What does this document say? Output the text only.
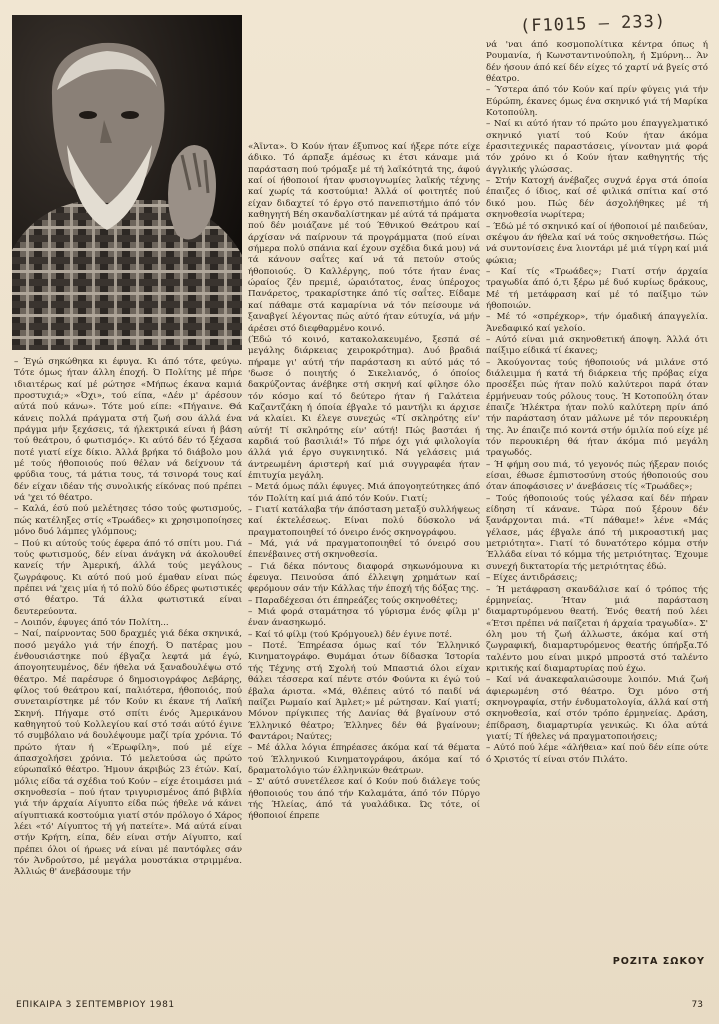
(F1015 – 233)

– Έγώ σηκώθηκα κι έφυγα. Κι άπό τότε, φεύγω. Τότε όμως ήταν άλλη έποχή. Ό Πολίτης μέ πήρε ιδιαιτέρως καί μέ ρώτησε «Μήπως έκανα καμιά προστυχιά;» «Όχι», τού είπα, «Δέν μ' άρέσουν αύτά πού κάνω». Τότε μού είπε: «Πήγαινε. Θά κάνεις πολλά πράγματα στή ζωή σου άλλά ένα πράγμα μήν ξεχάσεις, τά ήλεκτρικά είναι ή βάση τού θεάτρου, ό φωτισμός». Κι αύτό δέν τό ξέχασα ποτέ γιατί είχε δίκιο. Άλλά βρήκα τό διάβολο μου μέ τούς ήθοποιούς πού θέλαν νά δείχνουν τά φρύδια τους, τά μάτια τους, τά τσινορά τους καί δέν είχαν ιδέαν τής συνολικής είκόνας πού πρέπει νά 'χει τό θέατρο.

– Καλά, έσύ πού μελέτησες τόσο τούς φωτισμούς, πώς κατέληξες στίς «Τρωάδες» κι χρησιμοποίησες μόνο δυό λάμπες γλόμπους;

– Πού κι αύτούς τούς έφερα άπό τό σπίτι μου. Γιά τούς φωτισμούς, δέν είναι άνάγκη νά άκολουθεί κανείς τήν Άμερική, άλλά τούς μεγάλους ζωγράφους. Κι αύτό πού μού έμαθαν είναι πώς πρέπει νά 'χεις μία ή τό πολύ δύο έδρες φωτιστικές στό θέατρο. Τά άλλα φωτιστικά είναι δευτερεύοντα.

– Λοιπόν, έφυγες άπό τόν Πολίτη...

– Ναί, παίρνοντας 500 δραχμές γιά δέκα σκηνικά, ποσό μεγάλο γιά τήν έποχή. Ό πατέρας μου ένθουσιάστηκε πού έβγαζα λεφτά μά έγώ, άπογοητευμένος, δέν ήθελα νά ξαναδουλέψω στό θέατρο. Μέ παρέσυρε ό δημοσιογράφος Δεβάρης, φίλος τού θεάτρου καί, παλιότερα, ήθοποιός, πού συνεταιρίστηκε μέ τόν Κούν κι έκανε τή Λαϊκή Σκηνή. Πήγαμε στό σπίτι ένός Άμερικάνου καθηγητού τού Κολλεγίου καί στό τσάι αύτό έγινε τό συμβόλαιο νά δουλέψουμε μαζί τρία χρόνια. Τό πρώτο ήταν ή «Έρωφίλη», πού μέ είχε άπασχολήσει χρόνια. Τό μελετούσα ώς πρώτο εύρωπαϊκό θέατρο. Ήμουν άκριβώς 23 έτών. Καί, μόλις είδα τά σχέδια τού Κούν – είχε έτοιμάσει μιά σκηνοθεσία – πού ήταν τριγυρισμένος άπό βιβλία γιά τήν άρχαία Αίγυπτο είδα πώς ήθελε νά κάνει αίγυπτιακά κοστούμια γιατί στόν πρόλογο ό Χάρος λέει «τό' Αίγυπτος τή γή πατείτε». Μά αύτά είναι στήν Κρήτη, είπα, δέν είναι στήν Αίγυπτο, καί πρέπει όλοι οί ήρωες νά είναι μέ παντόφλες σάν τόν Άνδρούτσο, μέ μεγάλα μουστάκια στριμμένα. Άλλιώς θ' άνεβάσουμε τήν

«Άϊντα». Ό Κούν ήταν έξυπνος καί ήξερε πότε είχε άδικο. Τό άρπαξε άμέσως κι έτσι κάναμε μιά παράσταση πού τρόμαξε μέ τή λαϊκότητά της, άφού καί οί ήθοποιοί ήταν φυσιογνωμίες λαϊκής τέχνης καί χωρίς τά κοστούμια! Άλλά οί φοιτητές πού είχαν διδαχτεί τό έργο στό πανεπιστήμιο άπό τόν καθηγητή Βέη σκανδαλίστηκαν μέ αύτά τά πράματα πού δέν μοιάζανε μέ τού Έθνικού Θεάτρου καί άρχίσαν νά παίρνουν τά προγράμματα (πού είναι σήμερα πολύ σπάνια καί έχουν σχέδια δικά μου) νά τά κάνουν σαΐτες καί νά τά πετούν στούς ήθοποιούς. Ό Καλλέργης, πού τότε ήταν ένας ώραίος ζέν πρεμιέ, ώραιότατος, ένας ύπέροχος Πανάρετος, τρακαρίστηκε άπό τίς σαΐτες. Είδαμε καί πάθαμε στά καμαρίνια νά τόν πείσουμε νά ξαναβγεί λέγοντας πώς αύτό ήταν εύτυχία, νά μήν άρέσει στό διεφθαρμένο κοινό.

(Έδώ τό κοινό, κατακολακευμένο, ξεσπά σέ μεγάλης διάρκειας χειροκρότημα). Δυό βραδιά πήραμε γι' αύτή τήν παράσταση κι αύτό μάς τό 'δωσε ό ποιητής ό Σικελιανός, ό όποίος δακρύζοντας άνέβηκε στή σκηνή καί φίλησε όλο τόν κόσμο καί τό δεύτερο ήταν ή Γαλάτεια Καζαντζάκη ή όποία έβγαλε τό μαντήλι κι άρχισε νά κλαίει. Κι έλεγε συνεχώς «Τί σκληρότης είν' αύτή! Τί σκληρότης είν' αύτή! Πώς βαστάει ή καρδιά τού βασιλιά!» Τό πήρε όχι γιά φιλολογία άλλά γιά έργο συγκινητικό. Νά γελάσεις μιά άντρεωμένη άριστερή καί μιά συγγραφέα ήταν έπιτυχία μεγάλη.

– Μετά όμως πάλι έφυγες. Μιά άπογοητεύτηκες άπό τόν Πολίτη καί μιά άπό τόν Κούν. Γιατί;

– Γιατί κατάλαβα τήν άπόσταση μεταξύ συλλήψεως καί έκτελέσεως. Είναι πολύ δύσκολο νά πραγματοποιηθεί τό όνειρο ένός σκηνογράφου.

– Μά, γιά νά πραγματοποιηθεί τό όνειρό σου έπενέβαινες στή σκηνοθεσία.

– Γιά δέκα πόντους διαφορά σηκωνόμουνα κι έφευγα. Πεινούσα άπό έλλειψη χρημάτων καί φερόμουν σάν τήν Κάλλας τήν έποχή τής δόξας της.

– Παραδέχεσαι ότι έπηρεάζες τούς σκηνοθέτες;

– Μιά φορά σταμάτησα τό γύρισμα ένός φίλμ μ' έναν άνασηκωμό.

– Καί τό φίλμ (τού Κρόμγουελ) δέν έγινε ποτέ.

– Ποτέ. Έπηρέασα όμως καί τόν Έλληνικό Κινηματογράφο. Θυμάμαι ότων δίδασκα Ίστορία τής Τέχνης στή Σχολή τού Μπαστιά όλοι είχαν θάλει τέσσερα καί πέντε στόν Φούντα κι έγώ τού έβαλα άριστα. «Μά, θλέπεις αύτό τό παιδί νά παίζει Ρωμαίο καί Άμλετ;» μέ ρώτησαν. Καί γιατί; Μόνον πρίγκιπες τής Δανίας θά βγαίνουν στό Έλληνικό θέατρο; Έλληνες δέν θά βγαίνουν; Φαντάροι; Ναύτες;

– Μέ άλλα λόγια έπηρέασες άκόμα καί τά θέματα τού Έλληνικού Κινηματογράφου, άκόμα καί τό δραματολόγιο τών έλληνικών θεάτρων.

– Σ' αύτό συνετέλεσε καί ό Κούν πού διάλεγε τούς ήθοποιούς του άπό τήν Καλαμάτα, άπό τόν Πύργο τής Ήλείας, άπό τά γυαλάδικα. Ώς τότε, οί ήθοποιοί έπρεπε

νά 'ναι άπό κοσμοπολίτικα κέντρα όπως ή Ρουμανία, ή Κωνσταντινούπολη, ή Σμύρνη... Άν δέν ήσουν άπό κεί δέν είχες τό χαρτί νά βγείς στό θέατρο.

– Ύστερα άπό τόν Κούν καί πρίν φύγεις γιά τήν Εύρώπη, έκανες όμως ένα σκηνικό γιά τή Μαρίκα Κοτοπούλη.

– Ναί κι αύτό ήταν τό πρώτο μου έπαγγελματικό σκηνικό γιατί τού Κούν ήταν άκόμα έρασιτεχνικές παραστάσεις, γίνονταν μιά φορά τόν χρόνο κι ό Κούν ήταν καθηγητής τής άγγλικής γλώσσας.

– Στήν Κατοχή άνέβαζες συχνά έργα στά όποία έπαιζες ό ίδιος, καί σέ φιλικά σπίτια καί στό δικό μου. Πώς δέν άσχολήθηκες μέ τή σκηνοθεσία νωρίτερα;

– Έδώ μέ τό σκηνικό καί οί ήθοποιοί μέ παιδεύαν, σκέψου άν ήθελα καί νά τούς σκηνοθετήσω. Πώς νά συντονίσεις ένα λιοντάρι μέ μιά τίγρη καί μιά φώκια;

– Καί τίς «Τρωάδες»; Γιατί στήν άρχαία τραγωδία άπό ό,τι ξέρω μέ δυό κυρίως δράκους, Μέ τή μετάφραση καί μέ τό παίξιμο τών ήθοποιών.

– Μέ τό «σπρέχκορ», τήν όμαδική άπαγγελία. Άνεδαφικό καί γελοίο.

– Αύτό είναι μιά σκηνοθετική άποψη. Άλλά ότι παίξιμο είδικά τί έκανες;

– Άκούγοντας τούς ήθοποιούς νά μιλάνε στό διάλειμμα ή κατά τή διάρκεια τής πρόβας είχα προσέξει πώς ήταν πολύ καλύτεροι παρά όταν έρμήνευαν τούς ρόλους τους. Ή Κοτοπούλη όταν έπαιζε Ήλέκτρα ήταν πολύ καλύτερη πρίν άπό τήν παράσταση όταν μάλωνε μέ τόν περουκιέρη της. Άν έπαιζε πιό κοντά στήν όμιλία πού είχε μέ τόν περουκιέρη θά ήταν άκόμα πιό μεγάλη τραγωδός.

– Ή φήμη σου πιά, τό γεγονός πώς ήξεραν ποιός είσαι, έθωσε έμπιστοσύνη στούς ήθοποιούς σου όταν άποφάσισες ν' άνεβάσεις τίς «Τρωάδες»;

– Τούς ήθοποιούς τούς γέλασα καί δέν πήραν είδηση τί κάνανε. Τώρα πού ξέρουν δέν ξανάρχονται πιά. «Τί πάθαμε!» λένε «Μάς γέλασε, μάς έβγαλε άπό τή μικροαστική μας μετριότητα». Γιατί τό δυνατότερο κόμμα στήν Έλλάδα είναι τό κόμμα τής μετριότητας. Έχουμε συνεχή δικτατορία τής μετριότητας έδώ.

– Είχες άντιδράσεις;

– Ή μετάφραση σκανδάλισε καί ό τρόπος τής έρμηνείας. Ήταν μιά παράσταση διαμαρτυρόμενου θεατή. Ένός θεατή πού λέει «Έτσι πρέπει νά παίζεται ή άρχαία τραγωδία». Σ' όλη μου τή ζωή άλλωστε, άκόμα καί στή ζωγραφική, διαμαρτυρόμενος θεατής ύπήρξα.Τό ταλέντο μου είναι μικρό μπροστά στό ταλέντο κριτικής καί διαμαρτυρίας πού έχω.

– Καί νά άνακεφαλαιώσουμε λοιπόν. Μιά ζωή άφιερωμένη στό θέατρο. Όχι μόνο στή σκηνογραφία, στήν ένδυματολογία, άλλά καί στή σκηνοθεσία, καί στόν τρόπο έρμηνείας. Δράση, έπίδραση, διαμαρτυρία γενικώς. Κι όλα αύτά γιατί; Τί ήθελες νά πραγματοποιήσεις;

– Αύτό πού λέμε «άλήθεια» καί πού δέν είπε ούτε ό Χριστός τί είναι στόν Πιλάτο.

ΡΟΖΙΤΑ ΣΩΚΟΥ
ΕΠΙΚΑΙΡΑ 3 ΣΕΠΤΕΜΒΡΙΟΥ 1981	73
